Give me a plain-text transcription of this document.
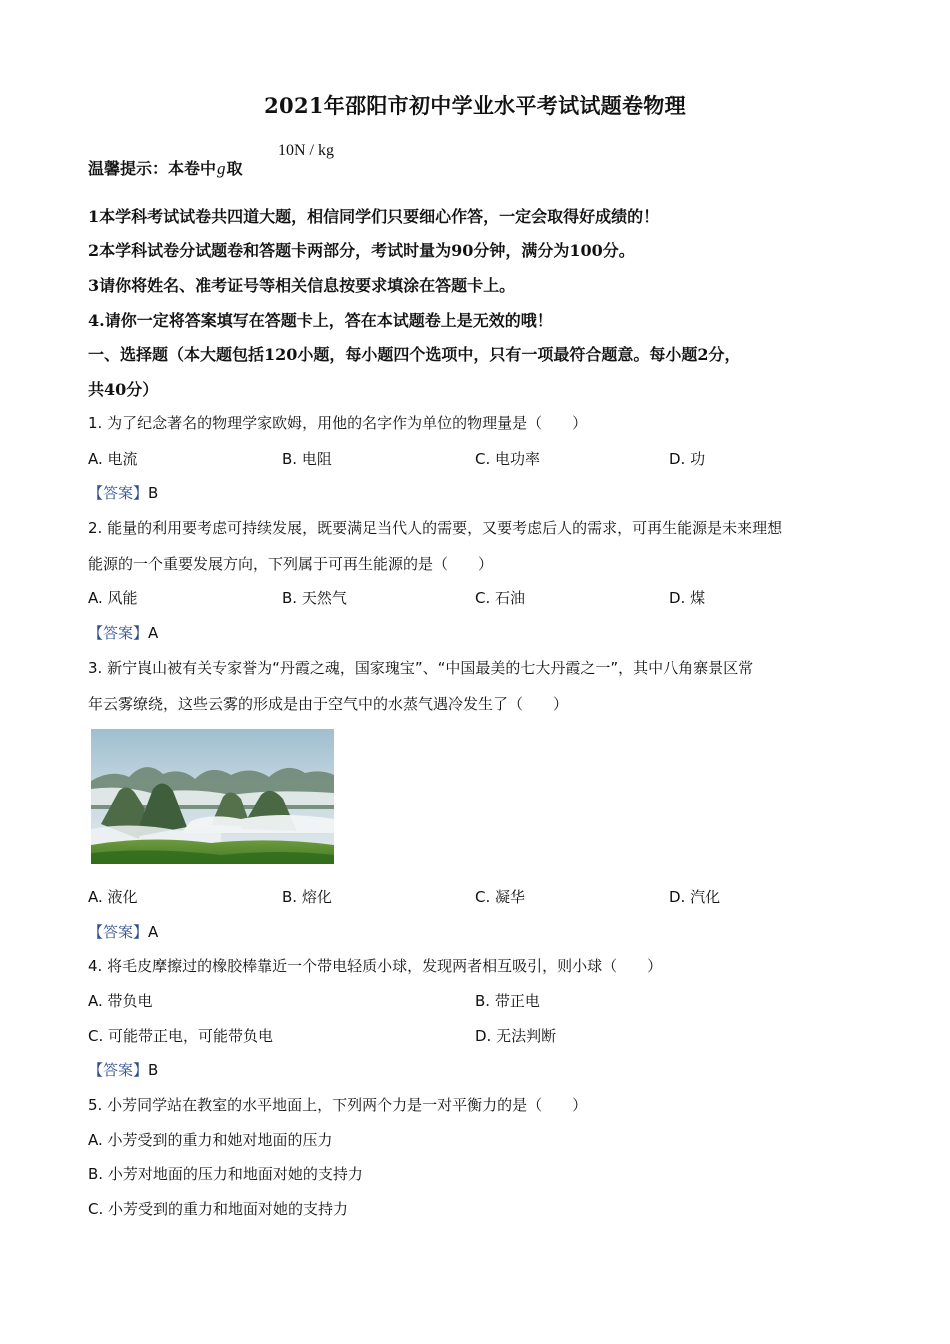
2021年邵阳市初中学业水平考试试题卷物理
温馨提示：本卷中g取
10N / kg
1本学科考试试卷共四道大题，相信同学们只要细心作答，一定会取得好成绩的！
2本学科试卷分试题卷和答题卡两部分，考试时量为90分钟，满分为100分。
3请你将姓名、准考证号等相关信息按要求填涂在答题卡上。
4.请你一定将答案填写在答题卡上，答在本试题卷上是无效的哦！
一、选择题（本大题包括120小题，每小题四个选项中，只有一项最符合题意。每小题2分，
共40分）
1. 为了纪念著名的物理学家欧姆，用他的名字作为单位的物理量是（　　）
A. 电流	B. 电阻	C. 电功率	D. 功
【答案】B
2. 能量的利用要考虑可持续发展，既要满足当代人的需要，又要考虑后人的需求，可再生能源是未来理想
能源的一个重要发展方向，下列属于可再生能源的是（　　）
A. 风能	B. 天然气	C. 石油	D. 煤
【答案】A
3. 新宁崀山被有关专家誉为“丹霞之魂，国家瑰宝”、“中国最美的七大丹霞之一”，其中八角寨景区常
年云雾缭绕，这些云雾的形成是由于空气中的水蒸气遇冷发生了（　　）
A. 液化	B. 熔化	C. 凝华	D. 汽化
【答案】A
4. 将毛皮摩擦过的橡胶棒靠近一个带电轻质小球，发现两者相互吸引，则小球（　　）
A. 带负电	B. 带正电
C. 可能带正电，可能带负电	D. 无法判断
【答案】B
5. 小芳同学站在教室的水平地面上，下列两个力是一对平衡力的是（　　）
A. 小芳受到的重力和她对地面的压力
B. 小芳对地面的压力和地面对她的支持力
C. 小芳受到的重力和地面对她的支持力
